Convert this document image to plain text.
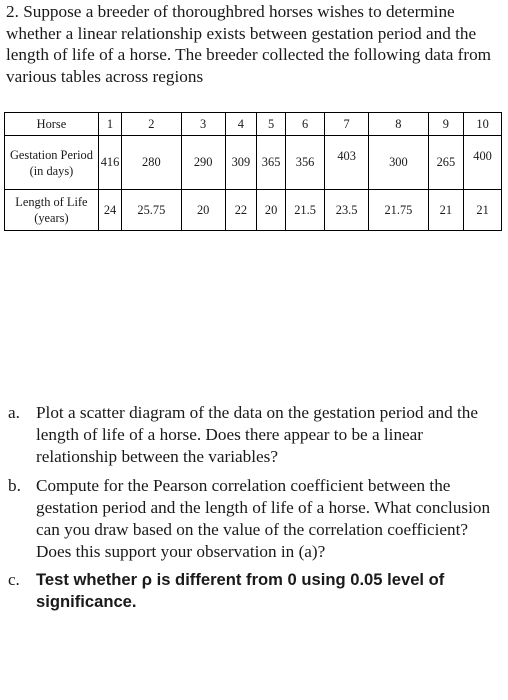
2. Suppose a breeder of thoroughbred horses wishes to determine whether a linear relationship exists between gestation period and the length of life of a horse. The breeder collected the following data from various tables across regions

Horse	1	2	3	4	5	6	7	8	9	10
Gestation Period (in days)	416	280	290	309	365	356	403	300	265	400
Length of Life (years)	24	25.75	20	22	20	21.5	23.5	21.75	21	21
a. Plot a scatter diagram of the data on the gestation period and the length of life of a horse. Does there appear to be a linear relationship between the variables?
b. Compute for the Pearson correlation coefficient between the gestation period and the length of life of a horse. What conclusion can you draw based on the value of the correlation coefficient? Does this support your observation in (a)?
c. Test whether ρ is different from 0 using 0.05 level of significance.
